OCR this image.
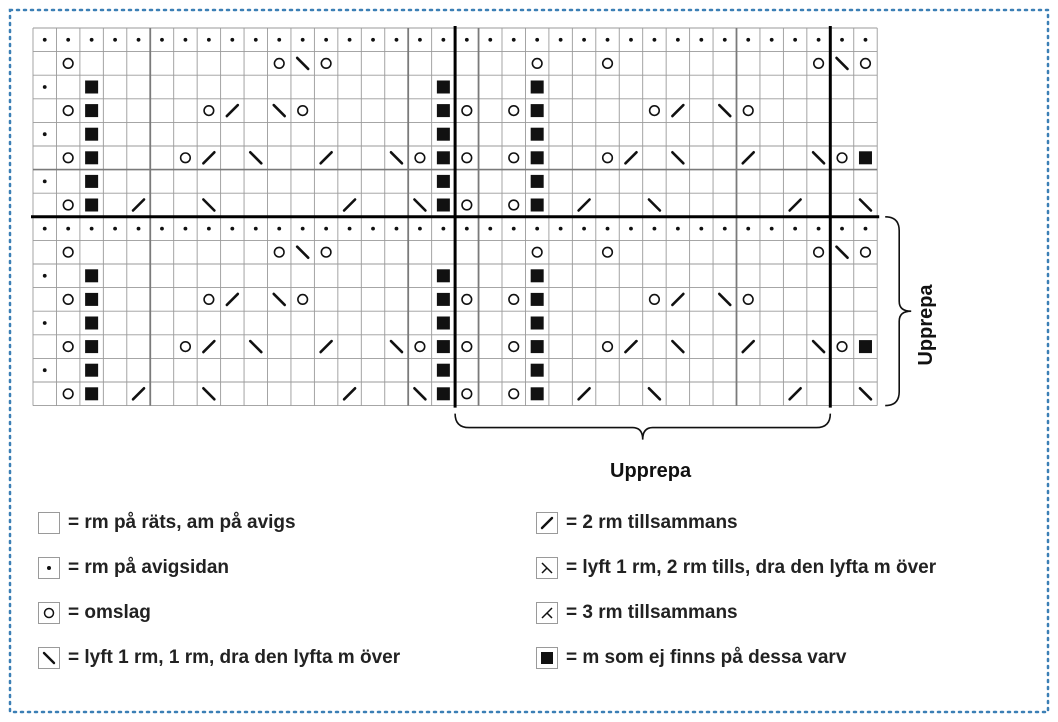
Upprepa
Upprepa
= rm på räts, am på avigs
= rm på avigsidan
= omslag
= lyft 1 rm, 1 rm, dra den lyfta m över
= 2 rm tillsammans
= lyft 1 rm, 2 rm tills, dra den lyfta m över
= 3 rm tillsammans
= m som ej finns på dessa varv
